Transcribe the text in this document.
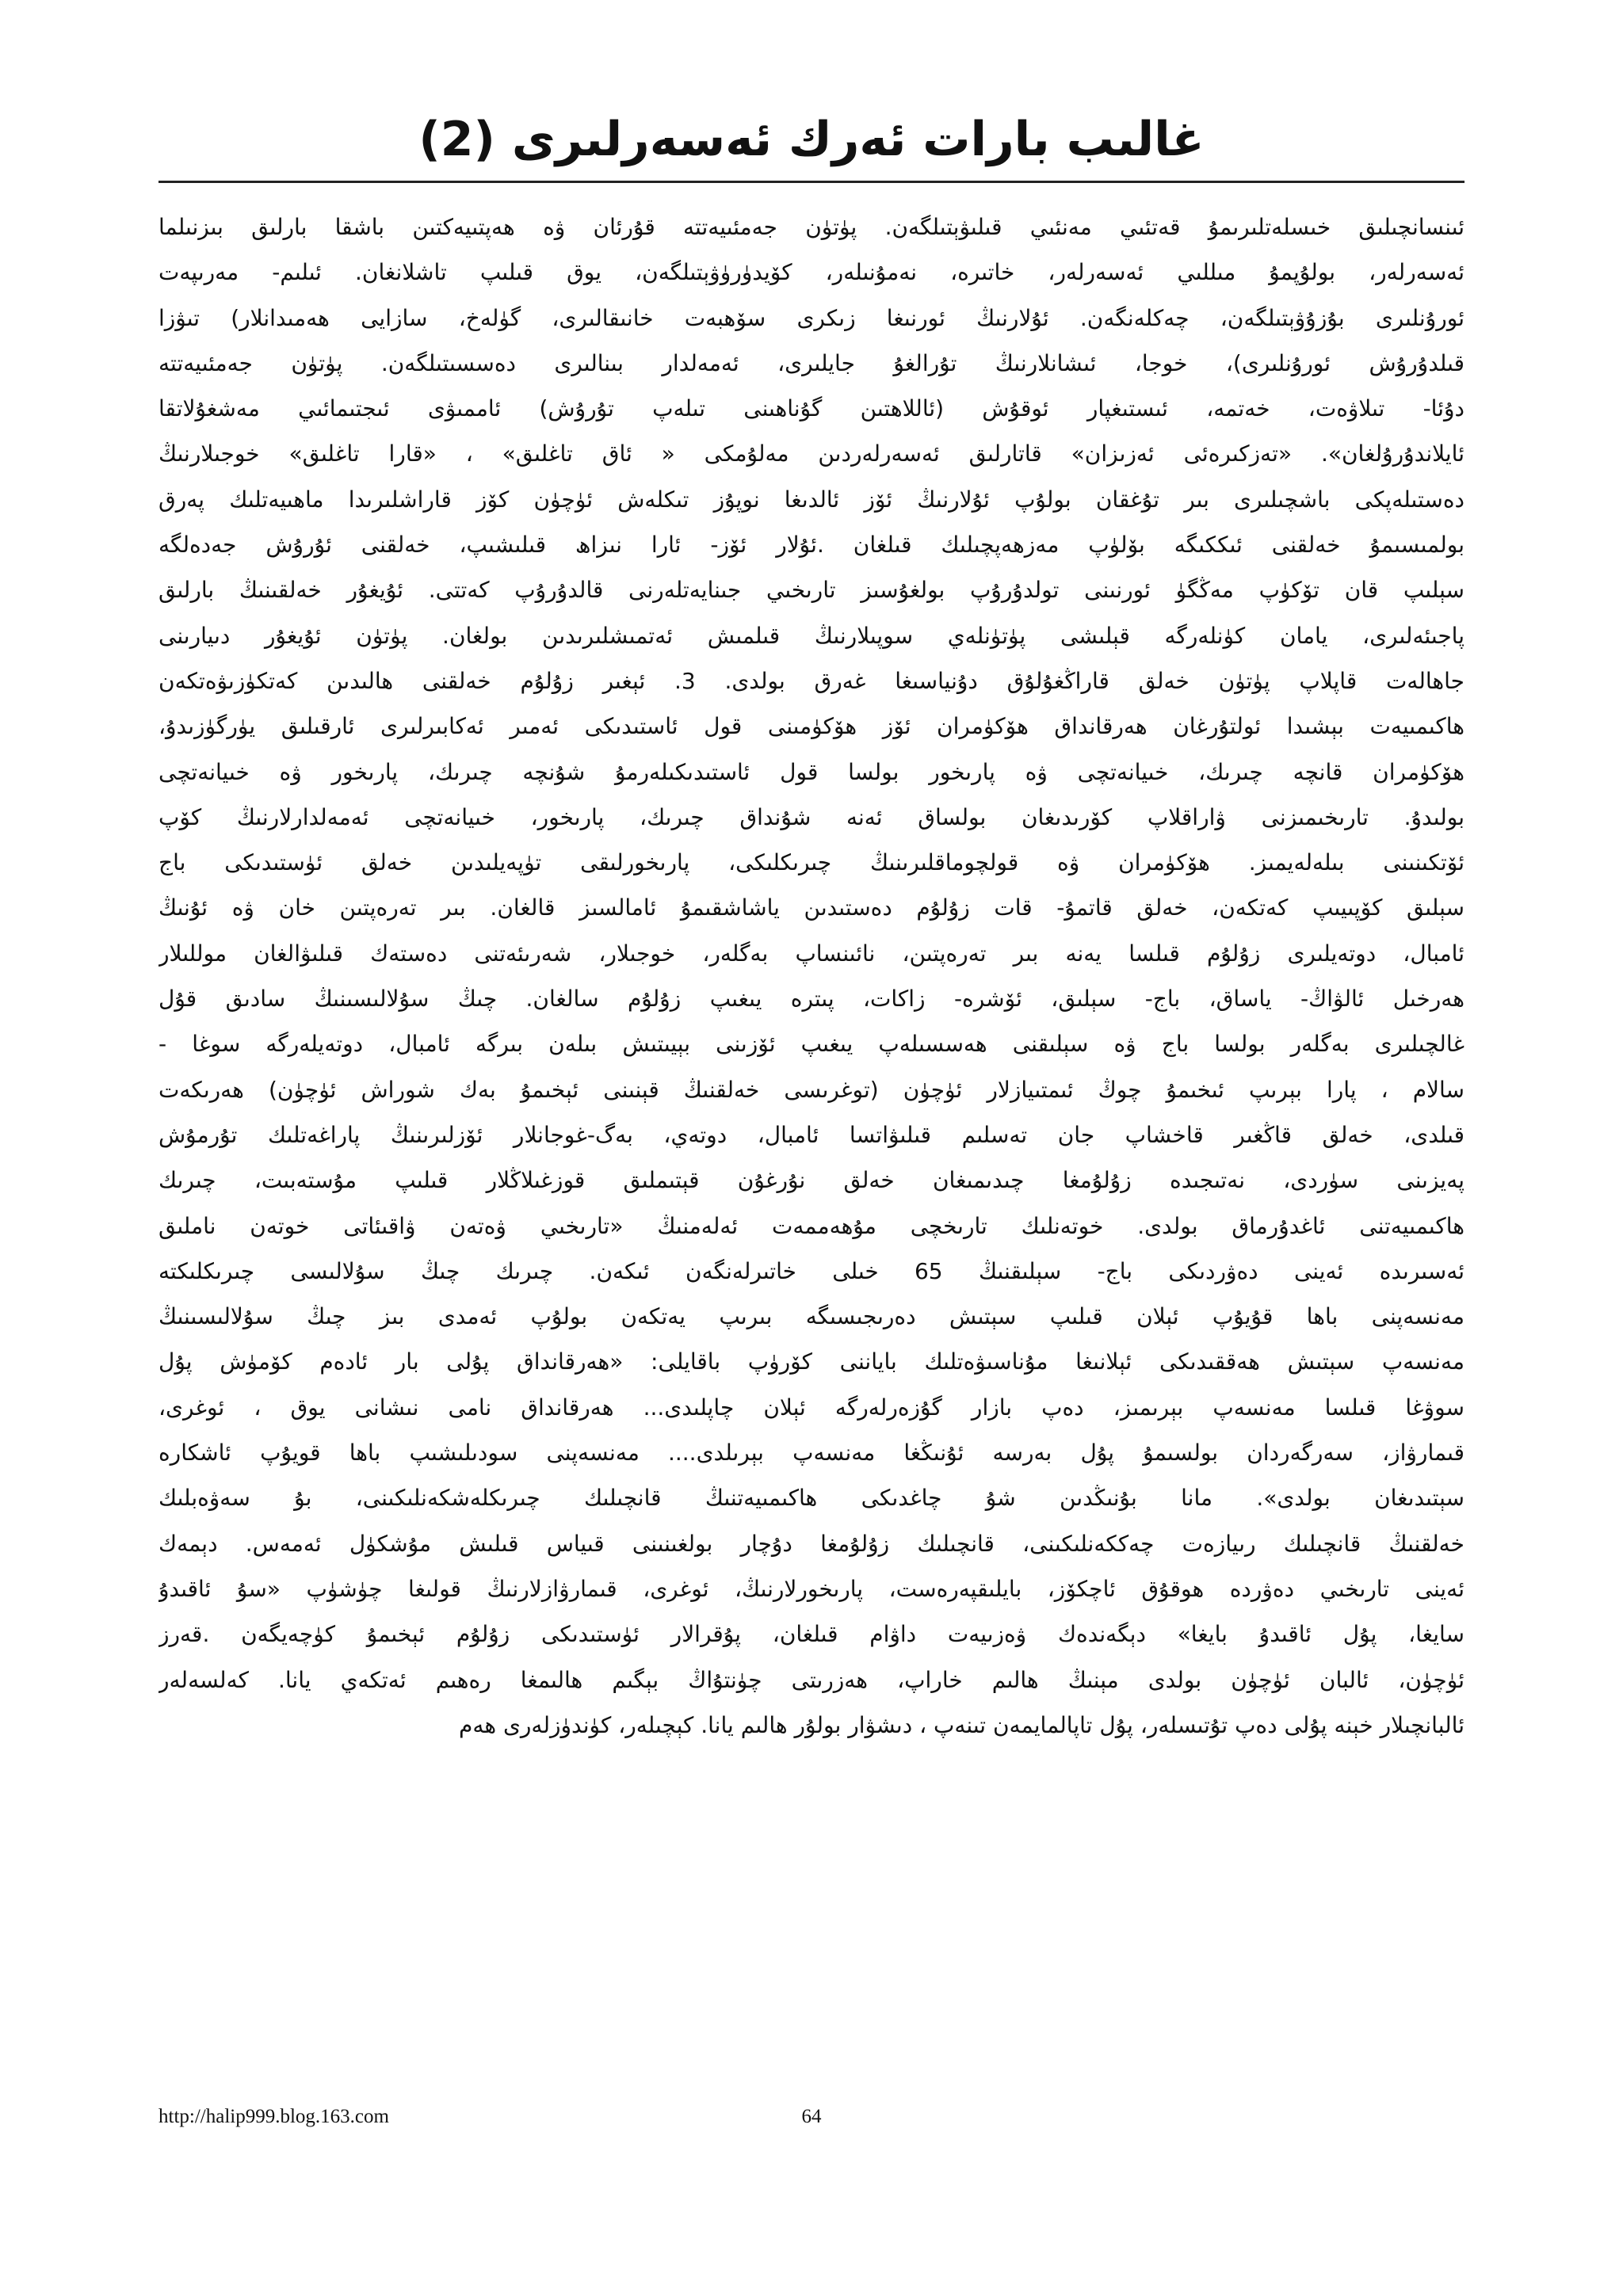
غالىب بارات ئەرك ئەسەرلىرى (2)
ئىنسانچىلىق خىسلەتلىرىمۇ قەتئىي مەنئىي قىلىۋېتىلگەن. پۈتۈن جەمئىيەتتە قۇرئان ۋە ھەپتىيەكتىن باشقا بارلىق بىزنىلما
ئەسەرلەر، بولۇپمۇ مىللىي ئەسەرلەر، خاتىرە، نەمۇنىلەر، كۆيدۈرۈۋېتىلگەن، يوق قىلىپ تاشلانغان. ئىلىم- مەرىپەت
ئورۇنلىرى بۇزۇۋېتىلگەن، چەكلەنگەن. ئۇلارنىڭ ئورنىغا زىكرى سۆھبەت خانىقالىرى، گۈلەخ، سازايى ھەمىدانلار) تىۋزا
قىلدۇرۇش ئورۇنلىرى)، خوجا، ئىشانلارنىڭ تۇرالغۇ جايلىرى، ئەمەلدار بىنالىرى دەسسىتىلگەن. پۈتۈن جەمئىيەتتە
دۇئا- تىلاۋەت، خەتمە، ئىستىغپار ئوقۇش (ئاللاھتىن گۇناھىنى تىلەپ تۇرۇش) ئاممىۋى ئىجتىمائىي مەشغۇلاتقا
ئايلاندۇرۇلغان». «تەزكىرەئى ئەزىزان» قاتارلىق ئەسەرلەردىن مەلۇمكى « ئاق تاغلىق» ، «قارا تاغلىق» خوجىلارنىڭ
دەستىلەپكى باشچىلىرى بىر تۇغقان بولۇپ ئۇلارنىڭ ئۆز ئالدىغا نوپۇز تىكلەش ئۈچۈن كۆز قاراشلىرىدا ماھىيەتلىك پەرق
بولمىسىمۇ خەلقنى ئىككىگە بۆلۈپ مەزھەپچىلىك قىلغان .ئۇلار ئۆز- ئارا نىزاھ قىلىشىپ، خەلقنى ئۇرۇش جەدەلگە
سېلىپ قان تۆكۈپ مەڭگۈ ئورنىنى تولدۇرۇپ بولغۇسىز تارىخىي جىنايەتلەرنى قالدۇرۇپ كەتتى. ئۇيغۇر خەلقىنىڭ بارلىق
پاجىئەلىرى، يامان كۈنلەرگە قېلىشى پۈتۈنلەي سوپىلارنىڭ قىلمىش ئەتمىشلىرىدىن بولغان. پۈتۈن ئۇيغۇر دىيارىنى
جاھالەت قاپلاپ پۈتۈن خەلق قاراڭغۇلۇق دۇنياسىغا غەرق بولدى. 3. ئېغىر زۇلۇم خەلقنى ھالىدىن كەتكۈزىۋەتكەن
ھاكىمىيەت بېشىدا ئولتۇرغان ھەرقانداق ھۆكۈمران ئۆز ھۆكۈمىنى قول ئاستىدىكى ئەمىر ئەكابىرلىرى ئارقىلىق يۈرگۈزىدۇ،
ھۆكۈمران قانچە چىرىك، خىيانەتچى ۋە پارىخور بولسا قول ئاستىدىكىلەرمۇ شۇنچە چىرىك، پارىخور ۋە خىيانەتچى
بولىدۇ. تارىخىمىزنى ۋاراقلاپ كۆرىدىغان بولساق ئەنە شۇنداق چىرىك، پارىخور، خىيانەتچى ئەمەلدارلارنىڭ كۆپ
ئۆتكىنىنى بىلەلەيمىز. ھۆكۈمران ۋە قولچوماقلىرىنىڭ چىرىكلىكى، پارىخورلىقى تۈپەيلىدىن خەلق ئۈستىدىكى باج
سېلىق كۆپىيىپ كەتكەن، خەلق قاتمۇ- قات زۇلۇم دەستىدىن ياشاشقىمۇ ئامالسىز قالغان. بىر تەرەپتىن خان ۋە ئۇنىڭ
ئامبال، دوتەيلىرى زۇلۇم قىلسا يەنە بىر تەرەپتىن، نائىنساپ بەگلەر، خوجىلار، شەرىئەتنى دەستەك قىلىۋالغان موللىلار
ھەرخىل ئالۋاڭ- ياساق، باج- سېلىق، ئۆشرە- زاكات، پىترە يىغىپ زۇلۇم سالغان. چىڭ سۇلالىسىنىڭ سادىق قۇل
غالچىلىرى بەگلەر بولسا باج ۋە سېلىقنى ھەسسىلەپ يىغىپ ئۆزىنى بېيىتىش بىلەن بىرگە ئامبال، دوتەيلەرگە سوغا -
سالام ، پارا بېرىپ ئىخىمۇ چوڭ ئىمتىيازلار ئۈچۈن (توغرىسى خەلقنىڭ قېنىنى ئېخىمۇ بەك شوراش ئۈچۈن) ھەرىكەت
قىلدى، خەلق قاڭغىر قاخشاپ جان تەسلىم قىلىۋاتسا ئامبال، دوتەي، بەگ-غوجانلار ئۆزلىرىنىڭ پاراغەتلىك تۇرمۇش
پەيزىنى سۈردى، نەتىجىدە زۇلۇمغا چىدىمىغان خەلق نۇرغۇن قېتىملىق قوزغىلاڭلار قىلىپ مۇستەبىت، چىرىك
ھاكىمىيەتنى ئاغدۇرماق بولدى. خوتەنلىك تارىخچى مۇھەممەت ئەلەمنىڭ «تارىخىي ۋەتەن ۋاقىئاتى خوتەن ناملىق
ئەسىرىدە ئەينى دەۋردىكى باج- سېلىقنىڭ 65 خىلى خاتىرلەنگەن ئىكەن. چىرىك چىڭ سۇلالىسى چىرىكلىكتە
مەنسەپنى باھا قۇيۇپ ئېلان قىلىپ سېتىش دەرىجىسىگە بىرىپ يەتكەن بولۇپ ئەمدى بىز چىڭ سۇلالىسىنىڭ
مەنسەپ سېتىش ھەققىدىكى ئېلانىغا مۇناسىۋەتلىك باياننى كۆرۈپ باقايلى: «ھەرقانداق پۇلى بار ئادەم كۆمۈش پۇل
سوۋغا قىلسا مەنسەپ بېرىمىز، دەپ بازار گۇزەرلەرگە ئېلان چاپلىدى... ھەرقانداق نامى نىشانى يوق ، ئوغرى،
قىمارۋاز، سەرگەردان بولسىمۇ پۇل بەرسە ئۇنىڭغا مەنسەپ بېرىلدى.... مەنسەپنى سودىلىشىپ باھا قويۇپ ئاشكارە
سېتىدىغان بولدى». مانا بۇنىڭدىن شۇ چاغدىكى ھاكىمىيەتنىڭ قانچىلىك چىرىكلەشكەنلىكىنى، بۇ سەۋەبلىك
خەلقنىڭ قانچىلىك رىيازەت چەككەنلىكىنى، قانچىلىك زۇلۇمغا دۇچار بولغىنىنى قىياس قىلىش مۇشكۈل ئەمەس. دېمەك
ئەينى تارىخىي دەۋردە ھوقۇق ئاچكۆز، بايلىقپەرەست، پارىخورلارنىڭ، ئوغرى، قىمارۋازلارنىڭ قولىغا چۈشۈپ «سۇ ئاقىدۇ
سايغا، پۇل ئاقىدۇ بايغا» دېگەندەك ۋەزىيەت داۋام قىلغان، پۇقرالار ئۈستىدىكى زۇلۇم ئېخىمۇ كۈچەيگەن .قەرز
ئۈچۈن، ئالبان ئۈچۈن بولدى مېنىڭ ھالىم خاراپ، ھەزرىتى چۈنتۇاڭ بېگىم ھالىمغا رەھىم ئەتكەي يانا. كەلسەلەر
ئالبانچىلار خېنە پۇلى دەپ تۇتىسلەر، پۇل تاپالمايمەن تىنەپ ، دىشۋار بولۇر ھالىم يانا. كېچىلەر، كۈندۈزلەرى ھەم
http://halip999.blog.163.com	64
